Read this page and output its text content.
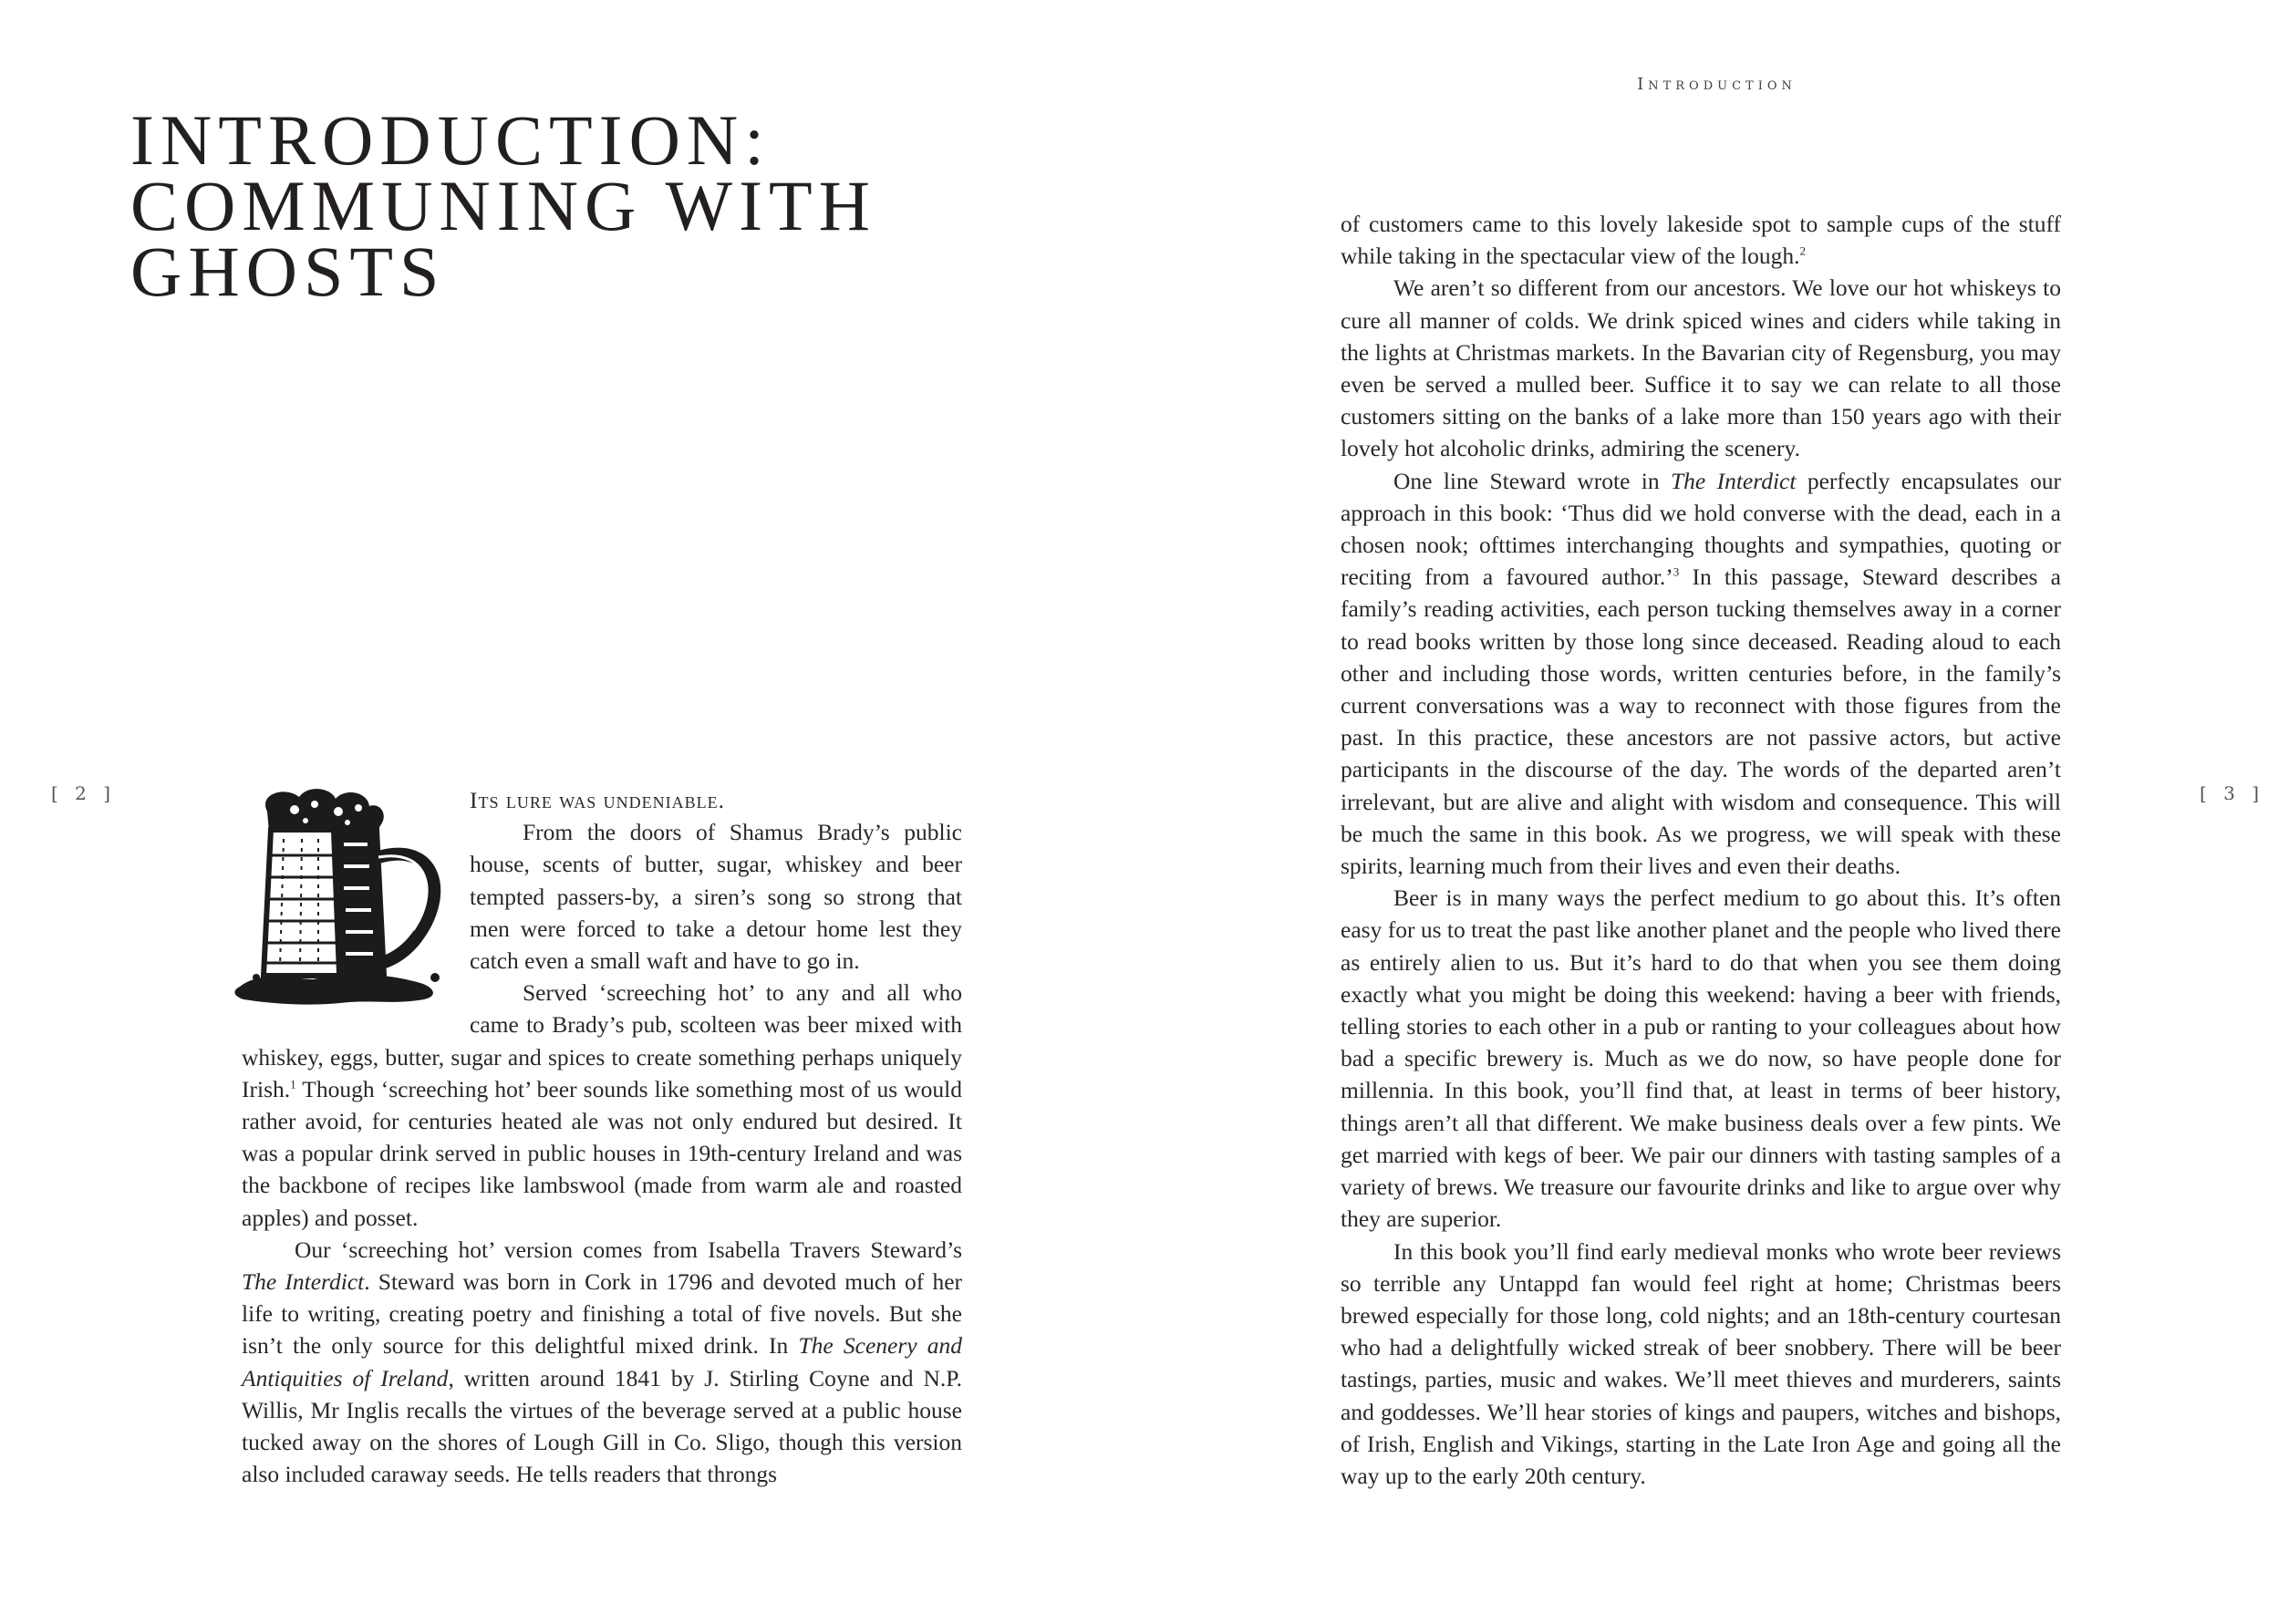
Introduction

[ 2 ]	[ 3 ]

INTRODUCTION:
COMMUNING WITH
GHOSTS

Its lure was undeniable.

From the doors of Shamus Brady’s public house, scents of butter, sugar, whiskey and beer tempted passers-by, a siren’s song so strong that men were forced to take a detour home lest they catch even a small waft and have to go in.

Served ‘screeching hot’ to any and all who came to Brady’s pub, scolteen was beer mixed with whiskey, eggs, butter, sugar and spices to create something perhaps uniquely Irish.$^1$ Though ‘screeching hot’ beer sounds like something most of us would rather avoid, for centuries heated ale was not only endured but desired. It was a popular drink served in public houses in 19th-century Ireland and was the backbone of recipes like lambswool (made from warm ale and roasted apples) and posset.

Our ‘screeching hot’ version comes from Isabella Travers Steward’s The Interdict. Steward was born in Cork in 1796 and devoted much of her life to writing, creating poetry and finishing a total of five novels. But she isn’t the only source for this delightful mixed drink. In The Scenery and Antiquities of Ireland, written around 1841 by J. Stirling Coyne and N.P. Willis, Mr Inglis recalls the virtues of the beverage served at a public house tucked away on the shores of Lough Gill in Co. Sligo, though this version also included caraway seeds. He tells readers that throngs

of customers came to this lovely lakeside spot to sample cups of the stuff while taking in the spectacular view of the lough.$^2$

We aren’t so different from our ancestors. We love our hot whiskeys to cure all manner of colds. We drink spiced wines and ciders while taking in the lights at Christmas markets. In the Bavarian city of Regensburg, you may even be served a mulled beer. Suffice it to say we can relate to all those customers sitting on the banks of a lake more than 150 years ago with their lovely hot alcoholic drinks, admiring the scenery.

One line Steward wrote in The Interdict perfectly encapsulates our approach in this book: ‘Thus did we hold converse with the dead, each in a chosen nook; ofttimes interchanging thoughts and sympathies, quoting or reciting from a favoured author.’$^3$ In this passage, Steward describes a family’s reading activities, each person tucking themselves away in a corner to read books written by those long since deceased. Reading aloud to each other and including those words, written centuries before, in the family’s current conversations was a way to reconnect with those figures from the past. In this practice, these ancestors are not passive actors, but active participants in the discourse of the day. The words of the departed aren’t irrelevant, but are alive and alight with wisdom and consequence. This will be much the same in this book. As we progress, we will speak with these spirits, learning much from their lives and even their deaths.

Beer is in many ways the perfect medium to go about this. It’s often easy for us to treat the past like another planet and the people who lived there as entirely alien to us. But it’s hard to do that when you see them doing exactly what you might be doing this weekend: having a beer with friends, telling stories to each other in a pub or ranting to your colleagues about how bad a specific brewery is. Much as we do now, so have people done for millennia. In this book, you’ll find that, at least in terms of beer history, things aren’t all that different. We make business deals over a few pints. We get married with kegs of beer. We pair our dinners with tasting samples of a variety of brews. We treasure our favourite drinks and like to argue over why they are superior.

In this book you’ll find early medieval monks who wrote beer reviews so terrible any Untappd fan would feel right at home; Christmas beers brewed especially for those long, cold nights; and an 18th-century courtesan who had a delightfully wicked streak of beer snobbery. There will be beer tastings, parties, music and wakes. We’ll meet thieves and murderers, saints and goddesses. We’ll hear stories of kings and paupers, witches and bishops, of Irish, English and Vikings, starting in the Late Iron Age and going all the way up to the early 20th century.
